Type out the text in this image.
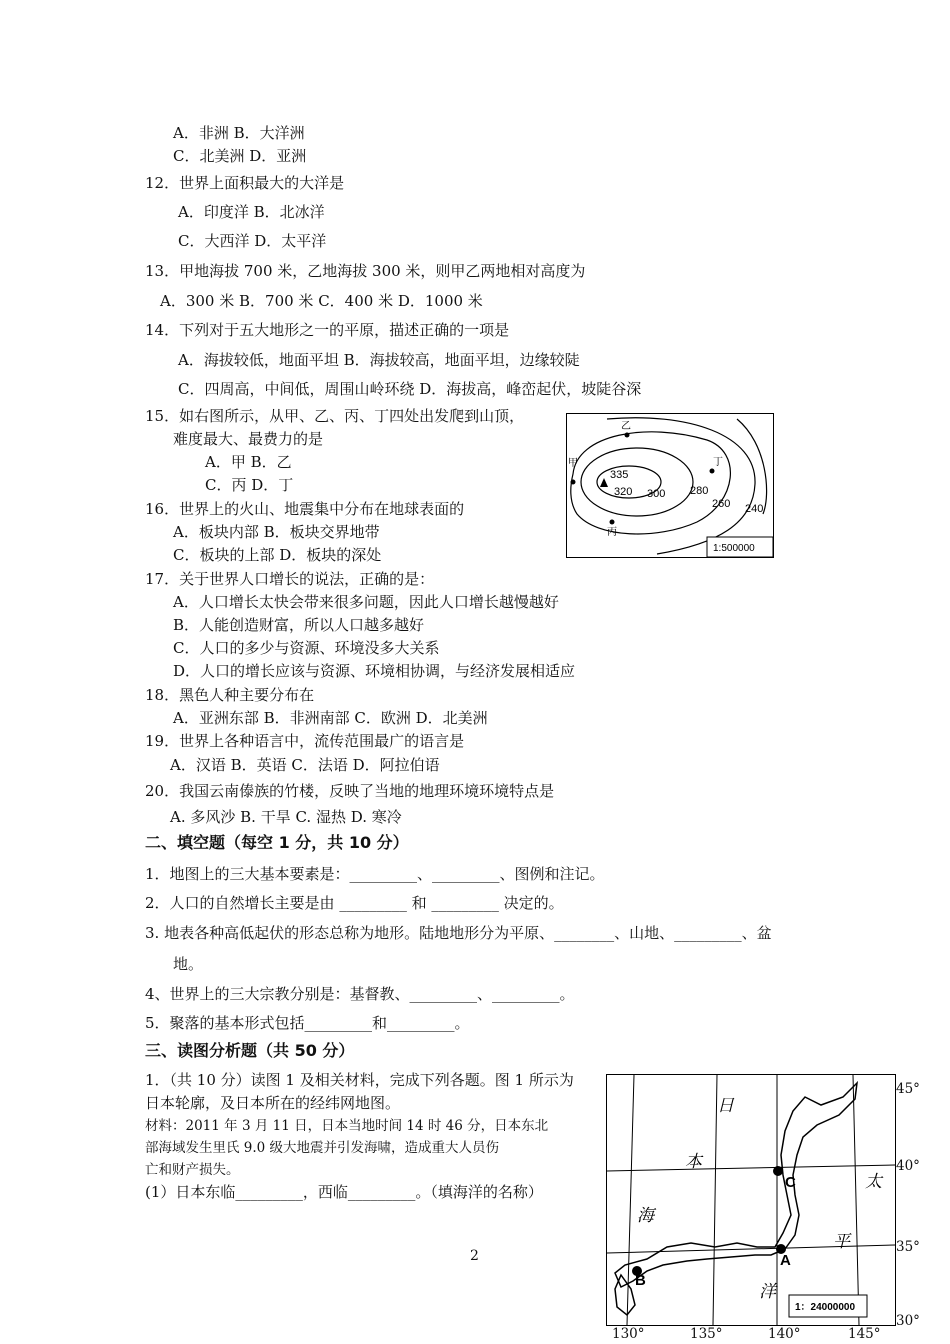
A．非洲 B．大洋洲
C．北美洲 D．亚洲
12．世界上面积最大的大洋是
A．印度洋 B．北冰洋
C．大西洋 D．太平洋
13．甲地海拔 700 米，乙地海拔 300 米，则甲乙两地相对高度为
A．300 米 B．700 米 C．400 米 D．1000 米
14．下列对于五大地形之一的平原，描述正确的一项是
A．海拔较低，地面平坦 B．海拔较高，地面平坦，边缘较陡
C．四周高，中间低，周围山岭环绕 D．海拔高，峰峦起伏，坡陡谷深
15．如右图所示，从甲、乙、丙、丁四处出发爬到山顶，
难度最大、最费力的是
A．甲 B．乙
C．丙 D．丁
16．世界上的火山、地震集中分布在地球表面的
A．板块内部 B．板块交界地带
C．板块的上部 D．板块的深处
17．关于世界人口增长的说法，正确的是：
A．人口增长太快会带来很多问题，因此人口增长越慢越好
B．人能创造财富，所以人口越多越好
C．人口的多少与资源、环境没多大关系
D．人口的增长应该与资源、环境相协调，与经济发展相适应
18．黑色人种主要分布在
A．亚洲东部 B．非洲南部 C．欧洲 D．北美洲
19．世界上各种语言中，流传范围最广的语言是
A．汉语 B．英语 C．法语 D．阿拉伯语
20．我国云南傣族的竹楼，反映了当地的地理环境环境特点是
A. 多风沙 B. 干旱 C. 湿热 D. 寒冷
1．地图上的三大基本要素是：_________、_________、图例和注记。
2．人口的自然增长主要是由 _________ 和 _________ 决定的。
3. 地表各种高低起伏的形态总称为地形。陆地地形分为平原、________、山地、_________、盆
地。
4、世界上的三大宗教分别是：基督教、_________、_________。
5．聚落的基本形式包括_________和_________。
1．（共 10 分）读图 1 及相关材料，完成下列各题。图 1 所示为
日本轮廓，及日本所在的经纬网地图。
(1）日本东临_________，西临_________。（填海洋的名称）
材料：2011 年 3 月 11 日，日本当地时间 14 时 46 分，日本东北
部海域发生里氏 9.0 级大地震并引发海啸，造成重大人员伤
亡和财产损失。
二、填空题（每空 1 分，共 10 分）
三、读图分析题（共 50 分）
335
320 300 280
260 240
甲
乙
丙
丁
1:500000
C
A
B
日
本
海
太
平
洋
1：24000000
45°
40°
35°
30°
130°	135°	140°	145°
2
